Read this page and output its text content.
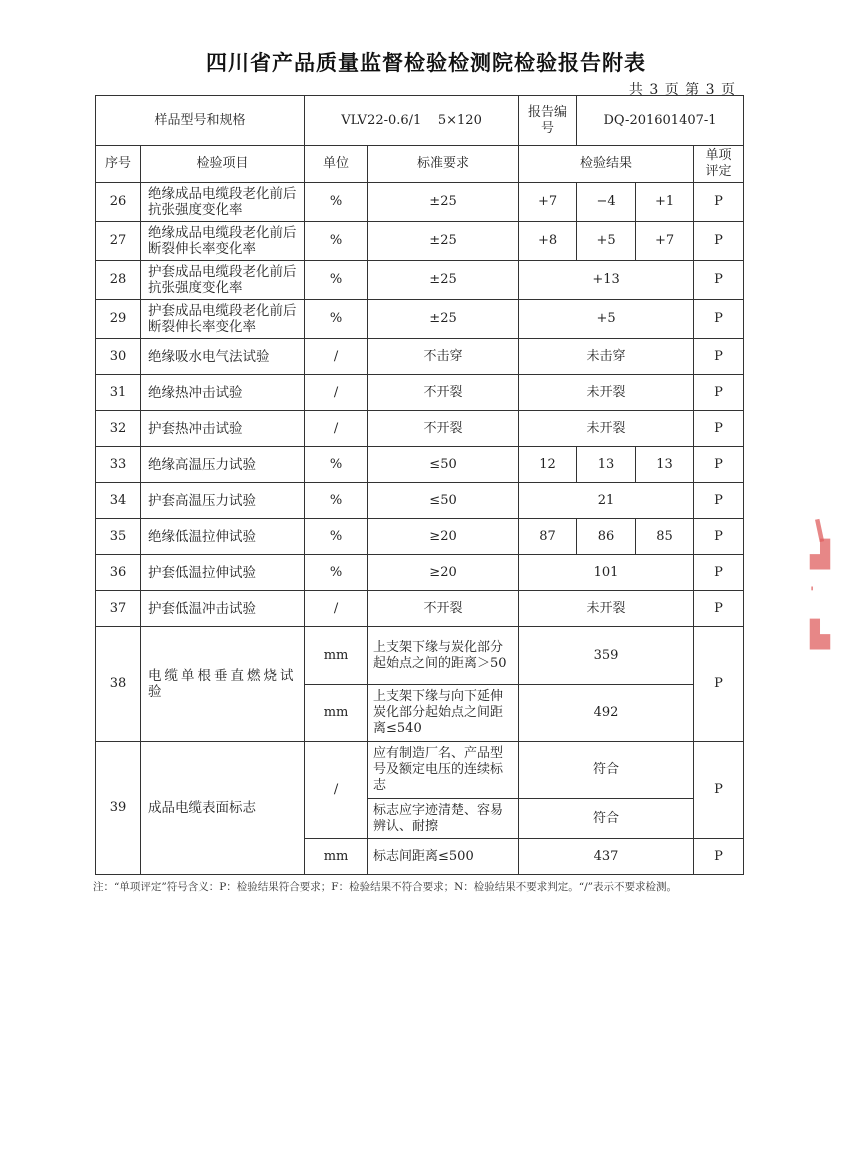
四川省产品质量监督检验检测院检验报告附表
共 3 页 第 3 页
样品型号和规格		VLV22-0.6/1    5×120		报告编号	DQ-201601407-1		
序号	检验项目	单位	标准要求	检验结果			单项评定
26	绝缘成品电缆段老化前后抗张强度变化率	%	±25	+7	−4	+1	P
27	绝缘成品电缆段老化前后断裂伸长率变化率	%	±25	+8	+5	+7	P
28	护套成品电缆段老化前后抗张强度变化率	%	±25	+13			P
29	护套成品电缆段老化前后断裂伸长率变化率	%	±25	+5			P
30	绝缘吸水电气法试验	/	不击穿	未击穿			P
31	绝缘热冲击试验	/	不开裂	未开裂			P
32	护套热冲击试验	/	不开裂	未开裂			P
33	绝缘高温压力试验	%	≤50	12	13	13	P
34	护套高温压力试验	%	≤50	21			P
35	绝缘低温拉伸试验	%	≥20	87	86	85	P
36	护套低温拉伸试验	%	≥20	101			P
37	护套低温冲击试验	/	不开裂	未开裂			P
38	电缆单根垂直燃烧试验	mm	上支架下缘与炭化部分起始点之间的距离＞50	359			P
		mm	上支架下缘与向下延伸炭化部分起始点之间距离≤540	492			
39	成品电缆表面标志	/	应有制造厂名、产品型号及额定电压的连续标志	符合			P
			标志应字迹清楚、容易辨认、耐擦	符合			
		mm	标志间距离≤500	437			P
注：“单项评定”符号含义：P：检验结果符合要求；F：检验结果不符合要求；N：检验结果不要求判定。“/”表示不要求检测。
❙
▟
'
▙
